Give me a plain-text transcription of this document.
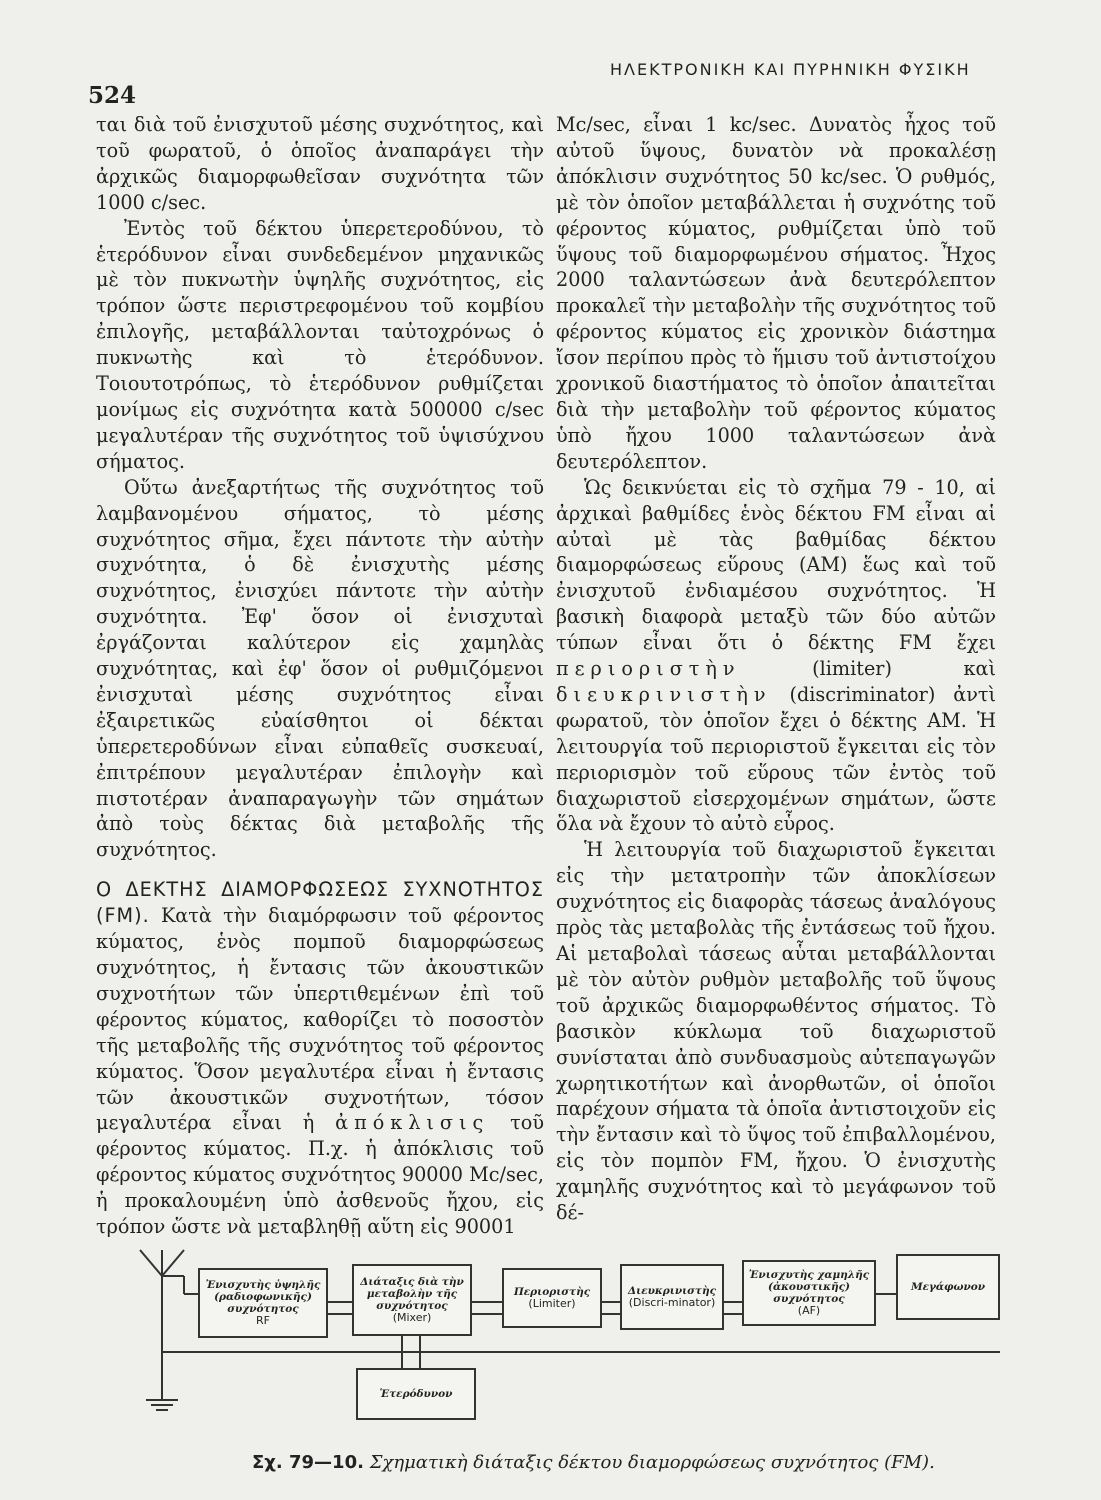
524
ΗΛΕΚΤΡΟΝΙΚΗ ΚΑΙ ΠΥΡΗΝΙΚΗ ΦΥΣΙΚΗ

ται διὰ τοῦ ἐνισχυτοῦ μέσης συχνότητος, καὶ τοῦ φωρατοῦ, ὁ ὁποῖος ἀναπαράγει τὴν ἀρχικῶς διαμορφωθεῖσαν συχνότητα τῶν 1000 c/sec.

Ἐντὸς τοῦ δέκτου ὑπερετεροδύνου, τὸ ἑτερόδυνον εἶναι συνδεδεμένον μηχανικῶς μὲ τὸν πυκνωτὴν ὑψηλῆς συχνότητος, εἰς τρόπον ὥστε περιστρεφομένου τοῦ κομβίου ἐπιλογῆς, μεταβάλλονται ταὐτοχρόνως ὁ πυκνωτὴς καὶ τὸ ἑτερόδυνον. Τοιουτοτρόπως, τὸ ἑτερόδυνον ρυθμίζεται μονίμως εἰς συχνότητα κατὰ 500000 c/sec μεγαλυτέραν τῆς συχνότητος τοῦ ὑψισύχνου σήματος.

Οὕτω ἀνεξαρτήτως τῆς συχνότητος τοῦ λαμβανομένου σήματος, τὸ μέσης συχνότητος σῆμα, ἔχει πάντοτε τὴν αὐτὴν συχνότητα, ὁ δὲ ἐνισχυτὴς μέσης συχνότητος, ἐνισχύει πάντοτε τὴν αὐτὴν συχνότητα. Ἐφ' ὅσον οἱ ἐνισχυταὶ ἐργάζονται καλύτερον εἰς χαμηλὰς συχνότητας, καὶ ἐφ' ὅσον οἱ ρυθμιζόμενοι ἐνισχυταὶ μέσης συχνότητος εἶναι ἐξαιρετικῶς εὐαίσθητοι οἱ δέκται ὑπερετεροδύνων εἶναι εὐπαθεῖς συσκευαί, ἐπιτρέπουν μεγαλυτέραν ἐπιλογὴν καὶ πιστοτέραν ἀναπαραγωγὴν τῶν σημάτων ἀπὸ τοὺς δέκτας διὰ μεταβολῆς τῆς συχνότητος.

Ο ΔΕΚΤΗΣ ΔΙΑΜΟΡΦΩΣΕΩΣ ΣΥΧΝΟΤΗΤΟΣ (FM). Κατὰ τὴν διαμόρφωσιν τοῦ φέροντος κύματος, ἑνὸς πομποῦ διαμορφώσεως συχνότητος, ἡ ἔντασις τῶν ἀκουστικῶν συχνοτήτων τῶν ὑπερτιθεμένων ἐπὶ τοῦ φέροντος κύματος, καθορίζει τὸ ποσοστὸν τῆς μεταβολῆς τῆς συχνότητος τοῦ φέροντος κύματος. Ὅσον μεγαλυτέρα εἶναι ἡ ἔντασις τῶν ἀκουστικῶν συχνοτήτων, τόσον μεγαλυτέρα εἶναι ἡ ἀπόκλισις τοῦ φέροντος κύματος. Π.χ. ἡ ἀπόκλισις τοῦ φέροντος κύματος συχνότητος 90000 Mc/sec, ἡ προκαλουμένη ὑπὸ ἀσθενοῦς ἤχου, εἰς τρόπον ὥστε νὰ μεταβληθῇ αὕτη εἰς 90001

Mc/sec, εἶναι 1 kc/sec. Δυνατὸς ἦχος τοῦ αὐτοῦ ὕψους, δυνατὸν νὰ προκαλέσῃ ἀπόκλισιν συχνότητος 50 kc/sec. Ὁ ρυθμός, μὲ τὸν ὁποῖον μεταβάλλεται ἡ συχνότης τοῦ φέροντος κύματος, ρυθμίζεται ὑπὸ τοῦ ὕψους τοῦ διαμορφωμένου σήματος. Ἦχος 2000 ταλαντώσεων ἀνὰ δευτερόλεπτον προκαλεῖ τὴν μεταβολὴν τῆς συχνότητος τοῦ φέροντος κύματος εἰς χρονικὸν διάστημα ἴσον περίπου πρὸς τὸ ἥμισυ τοῦ ἀντιστοίχου χρονικοῦ διαστήματος τὸ ὁποῖον ἀπαιτεῖται διὰ τὴν μεταβολὴν τοῦ φέροντος κύματος ὑπὸ ἤχου 1000 ταλαντώσεων ἀνὰ δευτερόλεπτον.

Ὡς δεικνύεται εἰς τὸ σχῆμα 79 - 10, αἱ ἀρχικαὶ βαθμίδες ἑνὸς δέκτου FM εἶναι αἱ αὐταὶ μὲ τὰς βαθμίδας δέκτου διαμορφώσεως εὕρους (AM) ἕως καὶ τοῦ ἐνισχυτοῦ ἐνδιαμέσου συχνότητος. Ἡ βασικὴ διαφορὰ μεταξὺ τῶν δύο αὐτῶν τύπων εἶναι ὅτι ὁ δέκτης FM ἔχει περιοριστὴν	(limiter) καὶ διευκρινιστὴν (discriminator) ἀντὶ φωρατοῦ, τὸν ὁποῖον ἔχει ὁ δέκτης AM. Ἡ λειτουργία τοῦ περιοριστοῦ ἔγκειται εἰς τὸν περιορισμὸν τοῦ εὕρους τῶν ἐντὸς τοῦ διαχωριστοῦ εἰσερχομένων σημάτων, ὥστε ὅλα νὰ ἔχουν τὸ αὐτὸ εὗρος.

Ἡ λειτουργία τοῦ διαχωριστοῦ ἔγκειται εἰς τὴν μετατροπὴν τῶν ἀποκλίσεων συχνότητος εἰς διαφορὰς τάσεως ἀναλόγους πρὸς τὰς μεταβολὰς τῆς ἐντάσεως τοῦ ἤχου. Αἱ μεταβολαὶ τάσεως αὗται μεταβάλλονται μὲ τὸν αὐτὸν ρυθμὸν μεταβολῆς τοῦ ὕψους τοῦ ἀρχικῶς διαμορφωθέντος σήματος. Τὸ βασικὸν κύκλωμα τοῦ διαχωριστοῦ συνίσταται ἀπὸ συνδυασμοὺς αὐτεπαγωγῶν χωρητικοτήτων καὶ ἀνορθωτῶν, οἱ ὁποῖοι παρέχουν σήματα τὰ ὁποῖα ἀντιστοιχοῦν εἰς τὴν ἔντασιν καὶ τὸ ὕψος τοῦ ἐπιβαλλομένου, εἰς τὸν πομπὸν FM, ἤχου. Ὁ ἐνισχυτὴς χαμηλῆς συχνότητος καὶ τὸ μεγάφωνον τοῦ δέ-

Ἐνισχυτὴς ὑψηλῆς (ραδιοφωνικῆς) συχνότητος
RF
Διάταξις διὰ τὴν μεταβολὴν τῆς συχνότητος
(Mixer)
Περιοριστὴς
(Limiter)
Διευκρινιστὴς
(Discri-minator)
Ἐνισχυτὴς χαμηλῆς (ἀκουστικῆς) συχνότητος
(AF)
Μεγάφωνον
Ἑτερόδυνον
Σχ. 79—10. Σχηματικὴ διάταξις δέκτου διαμορφώσεως συχνότητος (FM).
